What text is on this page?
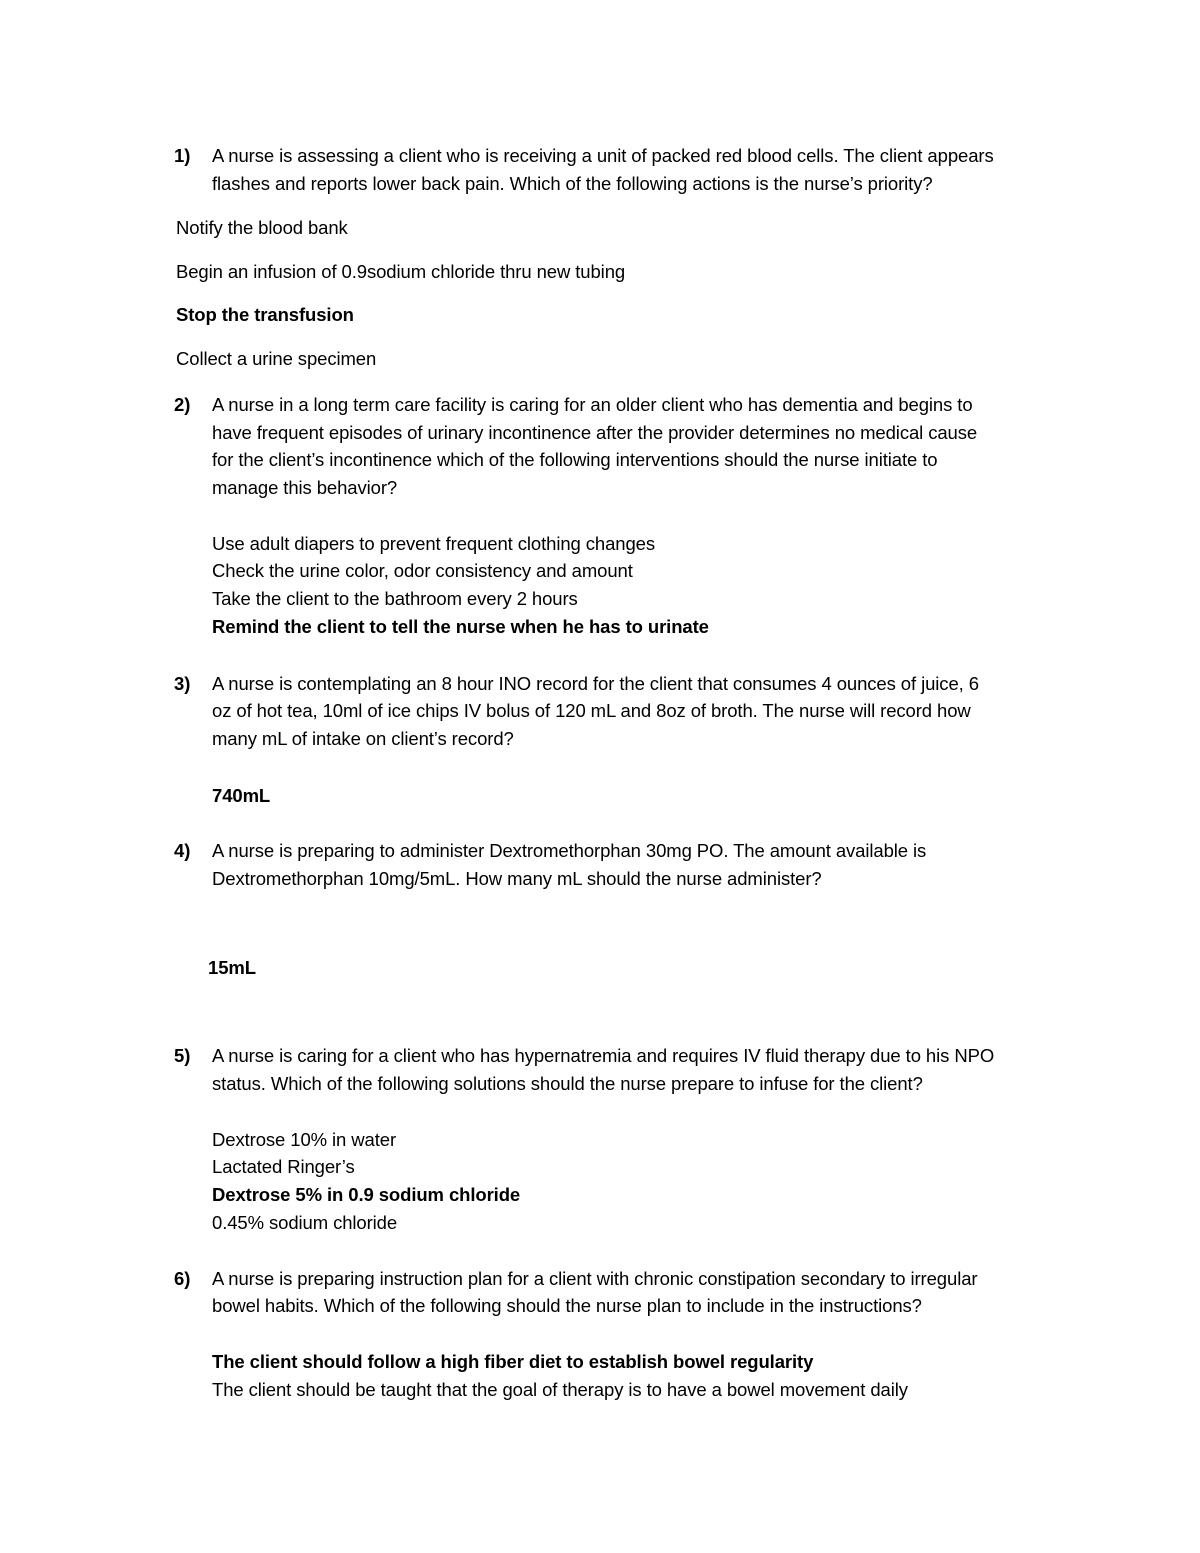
1)	A nurse is assessing a client who is receiving a unit of packed red blood cells. The client appears
flashes and reports lower back pain. Which of the following actions is the nurse’s priority?
Notify the blood bank
Begin an infusion of 0.9sodium chloride thru new tubing
Stop the transfusion
Collect a urine specimen
2)	A nurse in a long term care facility is caring for an older client who has dementia and begins to
have frequent episodes of urinary incontinence after the provider determines no medical cause
for the client’s incontinence which of the following interventions should the nurse initiate to
manage this behavior?
Use adult diapers to prevent frequent clothing changes
Check the urine color, odor consistency and amount
Take the client to the bathroom every 2 hours
Remind the client to tell the nurse when he has to urinate
3)	A nurse is contemplating an 8 hour INO record for the client that consumes 4 ounces of juice, 6
oz of hot tea, 10ml of ice chips IV bolus of 120 mL and 8oz of broth. The nurse will record how
many mL of intake on client’s record?
740mL
4)	A nurse is preparing to administer Dextromethorphan 30mg PO. The amount available is
Dextromethorphan 10mg/5mL. How many mL should the nurse administer?
15mL
5)	A nurse is caring for a client who has hypernatremia and requires IV fluid therapy due to his NPO
status. Which of the following solutions should the nurse prepare to infuse for the client?
Dextrose 10% in water
Lactated Ringer’s
Dextrose 5% in 0.9 sodium chloride
0.45% sodium chloride
6)	A nurse is preparing instruction plan for a client with chronic constipation secondary to irregular
bowel habits. Which of the following should the nurse plan to include in the instructions?
The client should follow a high fiber diet to establish bowel regularity
The client should be taught that the goal of therapy is to have a bowel movement daily
